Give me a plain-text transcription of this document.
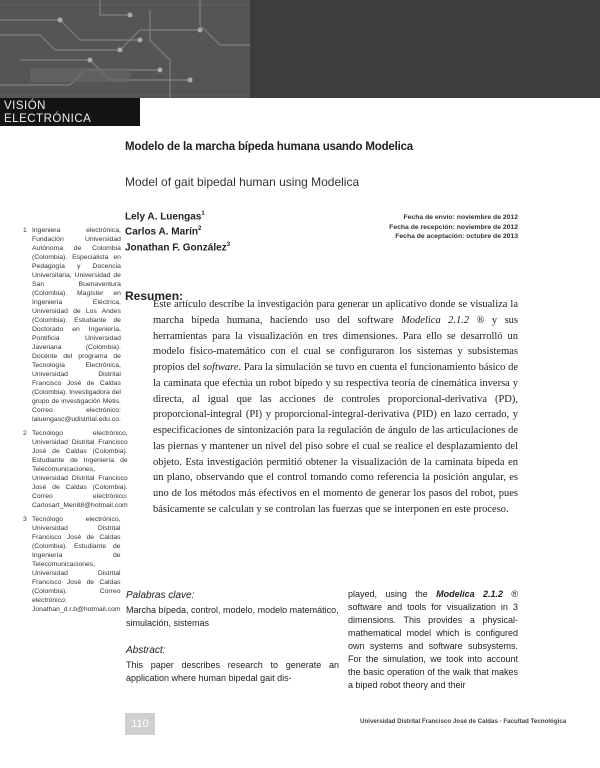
VISIÓN
ELECTRÓNICA
Modelo de la marcha bípeda humana usando Modelica
Model of gait bipedal human using Modelica
Lely A. Luengas$^1$
Carlos A. Marín$^2$
Jonathan F. González$^3$
Fecha de envío: noviembre de 2012
Fecha de recepción: noviembre de 2012
Fecha de aceptación: octubre de 2013
1 Ingeniera electrónica, Fundación Universidad Autónoma de Colombia (Colombia). Especialista en Pedagogía y Docencia Universitaria, Universidad de San Buenaventura (Colombia). Magíster en Ingeniería Eléctrica, Universidad de Los Andes (Colombia). Estudiante de Doctorado en Ingeniería, Pontificia Universidad Javeriana (Colombia). Docente del programa de Tecnología Electrónica, Universidad Distrital Francisco José de Caldas (Colombia). Investigadora del grupo de investigación Metis. Correo electrónico: laluengasc@udistrital.edu.co.
2 Tecnólogo electrónico, Universidad Distrital Francisco José de Caldas (Colombia). Estudiante de Ingeniería de Telecomunicaciones, Universidad Distrital Francisco José de Caldas (Colombia). Correo electrónico: Carlosart_Men88@hotmail.com
3 Tecnólogo electrónico, Universidad Distrital Francisco José de Caldas (Colombia). Estudiante de Ingeniería de Telecomunicaciones, Universidad Distrital Francisco José de Caldas (Colombia). Correo electrónico: Jonathan_d.r.b@hotmail.com
Resumen:
Este artículo describe la investigación para generar un aplicativo donde se visualiza la marcha bípeda humana, haciendo uso del software Modelica 2.1.2 ® y sus herramientas para la visualización en tres dimensiones. Para ello se desarrolló un modelo físico-matemático con el cual se configuraron los sistemas y subsistemas propios del software. Para la simulación se tuvo en cuenta el funcionamiento básico de la caminata que efectúa un robot bípedo y su respectiva teoría de cinemática inversa y directa, al igual que las acciones de controles proporcional-derivativa (PD), proporcional-integral (PI) y proporcional-integral-derivativa (PID) en lazo cerrado, y especificaciones de sintonización para la regulación de ángulo de las articulaciones de las piernas y mantener un nivel del piso sobre el cual se realice el desplazamiento del objeto. Esta investigación permitió obtener la visualización de la caminata bípeda en un plano, observando que el control tomando como referencia la posición angular, es uno de los métodos más efectivos en el momento de generar los pasos del robot, pues básicamente se calculan y se controlan las fuerzas que se interponen en este proceso.
Palabras clave:
Marcha bípeda, control, modelo, modelo matemático, simulación, sistemas
Abstract:
This paper describes research to generate an application where human bipedal gait dis-
played, using the Modelica 2.1.2 ® software and tools for visualization in 3 dimensions. This provides a physical- mathematical model which is configured own systems and software subsystems. For the simulation, we took into account the basic operation of the walk that makes a biped robot theory and their
110	Universidad Distrital Francisco José de Caldas - Facultad Tecnológica
